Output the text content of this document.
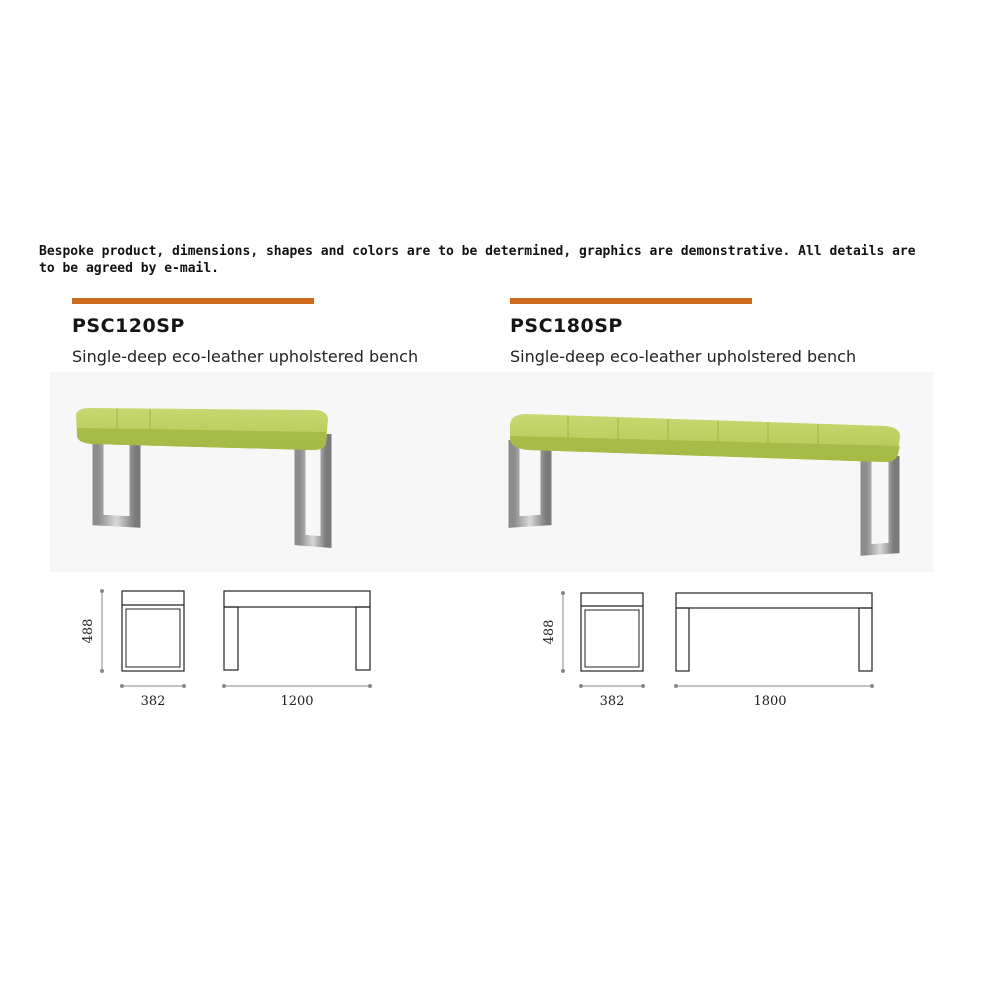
Bespoke product, dimensions, shapes and colors are to be determined, graphics are demonstrative. All details are to be agreed by e-mail.
PSC120SP
Single-deep eco-leather upholstered bench
488
382	1200
PSC180SP
Single-deep eco-leather upholstered bench
488
382	1800
